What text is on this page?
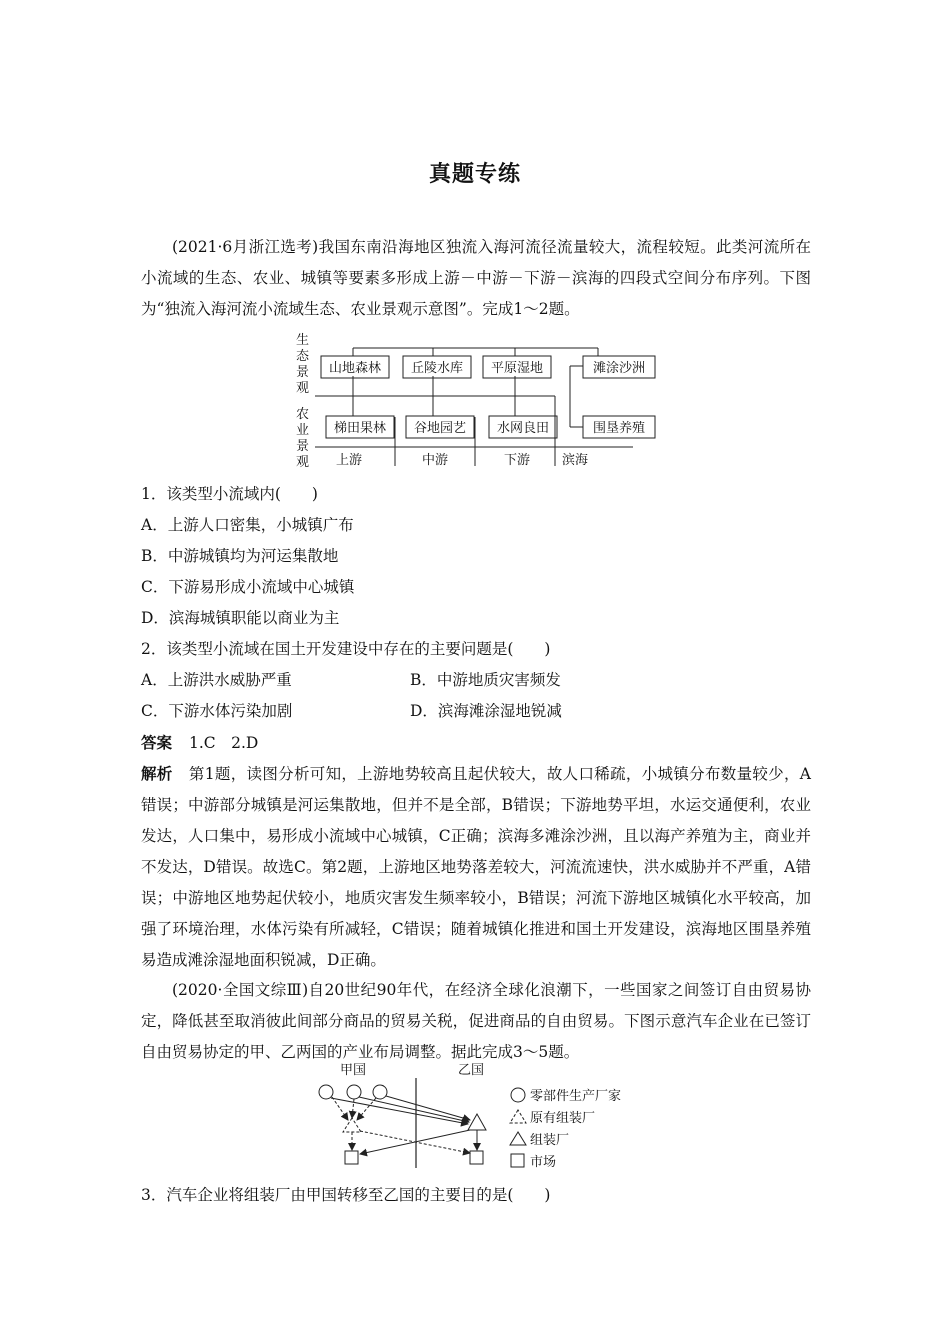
真题专练

(2021·6月浙江选考)我国东南沿海地区独流入海河流径流量较大，流程较短。此类河流所在小流域的生态、农业、城镇等要素多形成上游－中游－下游－滨海的四段式空间分布序列。下图为“独流入海河流小流域生态、农业景观示意图”。完成1～2题。

生
态
景
观
农
业
景
观
山地森林 丘陵水库 平原湿地	滩涂沙洲
梯田果林 谷地园艺 水网良田	围垦养殖
上游	中游	下游 滨海

1．该类型小流域内(　　)

A．上游人口密集，小城镇广布

B．中游城镇均为河运集散地

C．下游易形成小流域中心城镇

D．滨海城镇职能以商业为主

2．该类型小流域在国土开发建设中存在的主要问题是(　　)

A．上游洪水威胁严重	B．中游地质灾害频发

C．下游水体污染加剧	D．滨海滩涂湿地锐减

答案 1.C　2.D

解析 第1题，读图分析可知，上游地势较高且起伏较大，故人口稀疏，小城镇分布数量较少，A错误；中游部分城镇是河运集散地，但并不是全部，B错误；下游地势平坦，水运交通便利，农业发达，人口集中，易形成小流域中心城镇，C正确；滨海多滩涂沙洲，且以海产养殖为主，商业并不发达，D错误。故选C。第2题，上游地区地势落差较大，河流流速快，洪水威胁并不严重，A错误；中游地区地势起伏较小，地质灾害发生频率较小，B错误；河流下游地区城镇化水平较高，加强了环境治理，水体污染有所减轻，C错误；随着城镇化推进和国土开发建设，滨海地区围垦养殖易造成滩涂湿地面积锐减，D正确。

(2020·全国文综Ⅲ)自20世纪90年代，在经济全球化浪潮下，一些国家之间签订自由贸易协定，降低甚至取消彼此间部分商品的贸易关税，促进商品的自由贸易。下图示意汽车企业在已签订自由贸易协定的甲、乙两国的产业布局调整。据此完成3～5题。

甲国	乙国
零部件生产厂家
原有组装厂
组装厂
市场

3．汽车企业将组装厂由甲国转移至乙国的主要目的是(　　)
